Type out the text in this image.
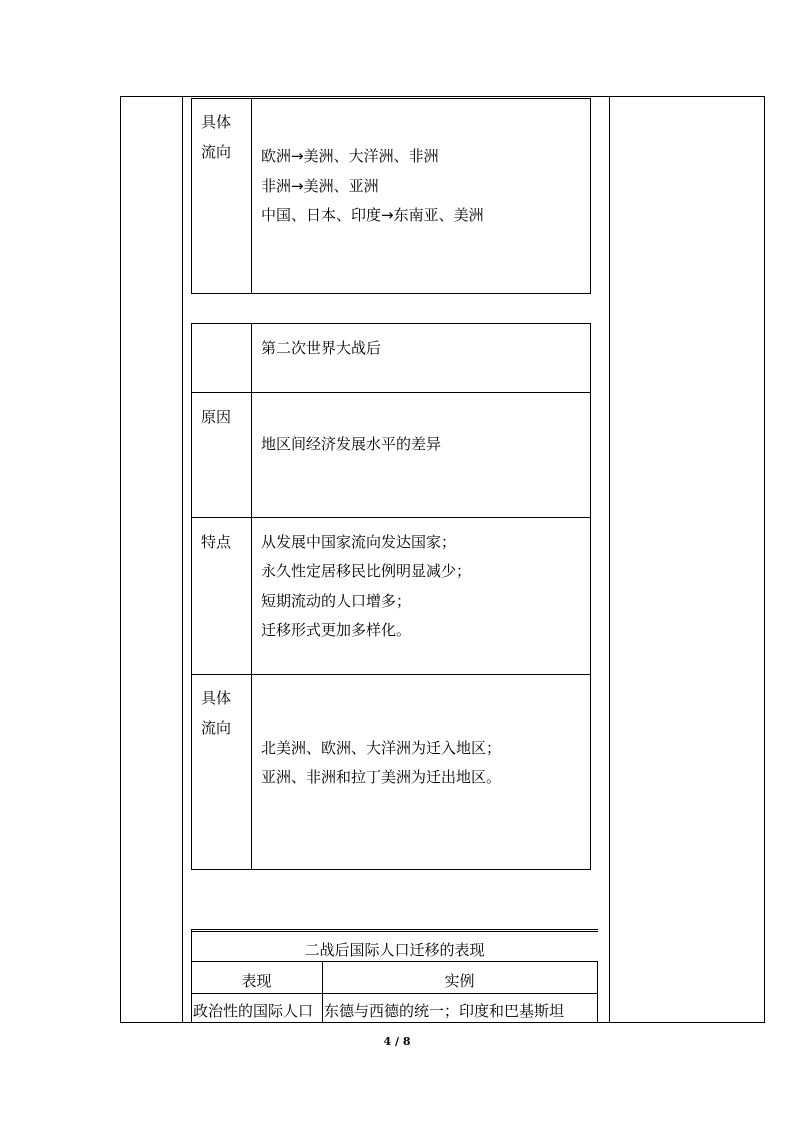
具体
流向 欧洲→美洲、大洋洲、非洲
非洲→美洲、亚洲
中国、日本、印度→东南亚、美洲
第二次世界大战后
原因
地区间经济发展水平的差异
特点 从发展中国家流向发达国家；
永久性定居移民比例明显减少；
短期流动的人口增多；
迁移形式更加多样化。
具体
流向
北美洲、欧洲、大洋洲为迁入地区；
亚洲、非洲和拉丁美洲为迁出地区。
二战后国际人口迁移的表现
表现	实例
政治性的国际人口 东德与西德的统一；印度和巴基斯坦
4 / 8
